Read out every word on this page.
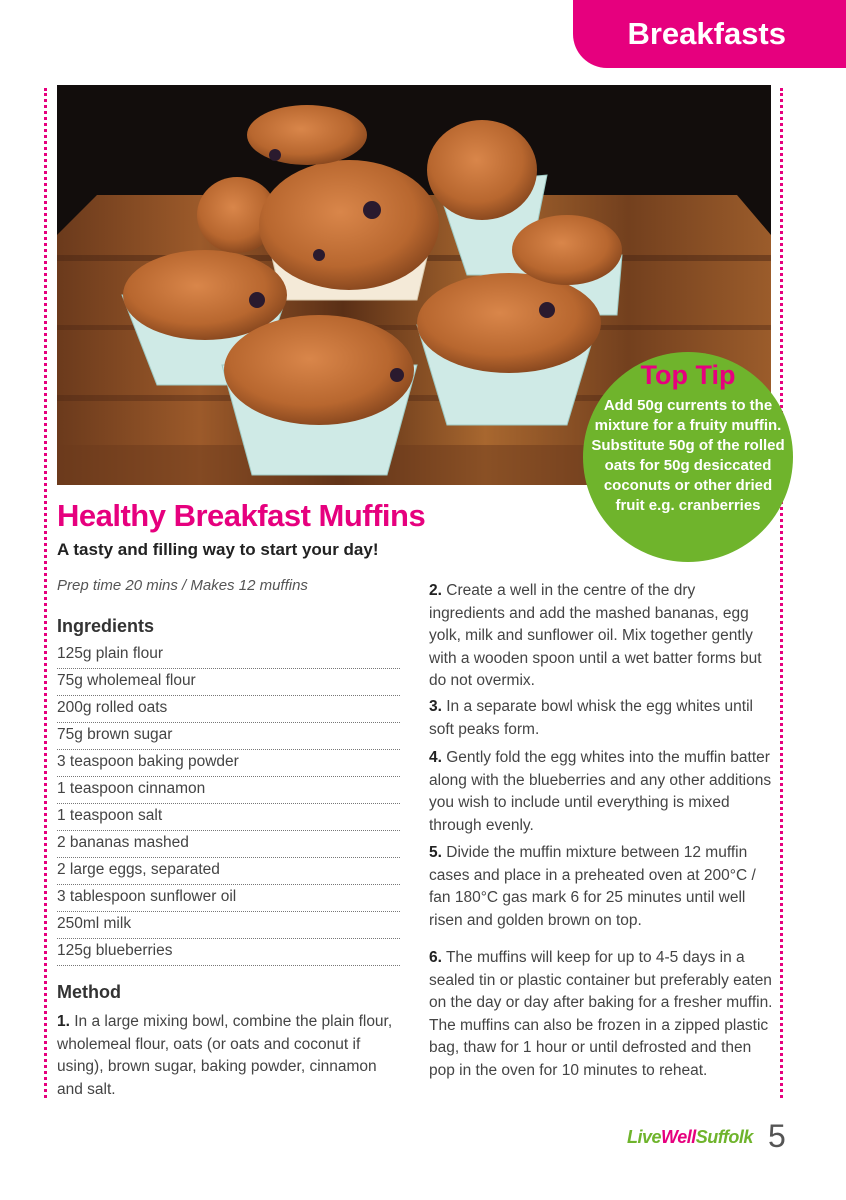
Breakfasts
Top Tip
Add 50g currents to the mixture for a fruity muffin. Substitute 50g of the rolled oats for 50g desiccated coconuts or other dried fruit e.g. cranberries
Healthy Breakfast Muffins
A tasty and filling way to start your day!
Prep time 20 mins / Makes 12 muffins
Ingredients
125g plain flour
75g wholemeal flour
200g rolled oats
75g brown sugar
3 teaspoon baking powder
1 teaspoon cinnamon
1 teaspoon salt
2 bananas mashed
2 large eggs, separated
3 tablespoon sunflower oil
250ml milk
125g blueberries
Method

1. In a large mixing bowl, combine the plain flour, wholemeal flour, oats (or oats and coconut if using), brown sugar, baking powder, cinnamon and salt.

2. Create a well in the centre of the dry ingredients and add the mashed bananas, egg yolk, milk and sunflower oil. Mix together gently with a wooden spoon until a wet batter forms but do not overmix.

3. In a separate bowl whisk the egg whites until soft peaks form.

4. Gently fold the egg whites into the muffin batter along with the blueberries and any other additions you wish to include until everything is mixed through evenly.

5. Divide the muffin mixture between 12 muffin cases and place in a preheated oven at 200°C / fan 180°C gas mark 6 for 25 minutes until well risen and golden brown on top.

6. The muffins will keep for up to 4-5 days in a sealed tin or plastic container but preferably eaten on the day or day after baking for a fresher muffin. The muffins can also be frozen in a zipped plastic bag, thaw for 1 hour or until defrosted and then pop in the oven for 10 minutes to reheat.

LiveWellSuffolk 5
